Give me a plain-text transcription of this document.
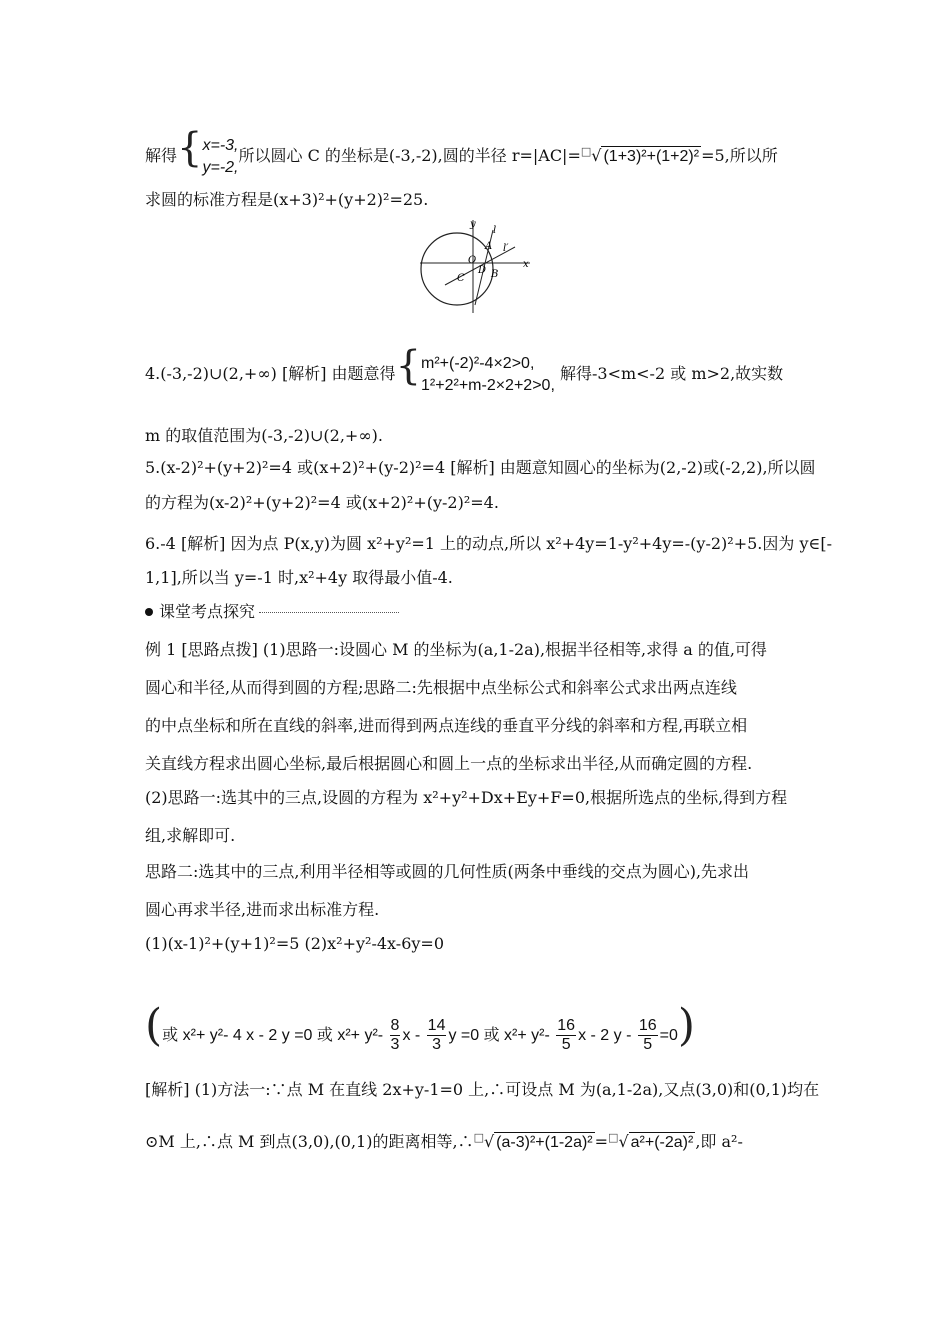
解得{ x=-3,
y=-2,
所以圆心 C 的坐标是(-3,-2),圆的半径 r=|AC|=□√ (1+3)²+(1+2)² =5,所以所
求圆的标准方程是(x+3)²+(y+2)²=25.
y
x
l
l′
A
O
D B
C
4.(-3,-2)∪(2,+∞) [解析] 由题意得{ m²+(-2)²-4×2>0,
1²+2²+m-2×2+2>0,
解得-3<m<-2 或 m>2,故实数
m 的取值范围为(-3,-2)∪(2,+∞).
5.(x-2)²+(y+2)²=4 或(x+2)²+(y-2)²=4 [解析] 由题意知圆心的坐标为(2,-2)或(-2,2),所以圆
的方程为(x-2)²+(y+2)²=4 或(x+2)²+(y-2)²=4.
6.-4 [解析] 因为点 P(x,y)为圆 x²+y²=1 上的动点,所以 x²+4y=1-y²+4y=-(y-2)²+5.因为 y∈[-
1,1],所以当 y=-1 时,x²+4y 取得最小值-4.
课堂考点探究
例 1 [思路点拨] (1)思路一:设圆心 M 的坐标为(a,1-2a),根据半径相等,求得 a 的值,可得
圆心和半径,从而得到圆的方程;思路二:先根据中点坐标公式和斜率公式求出两点连线
的中点坐标和所在直线的斜率,进而得到两点连线的垂直平分线的斜率和方程,再联立相
关直线方程求出圆心坐标,最后根据圆心和圆上一点的坐标求出半径,从而确定圆的方程.
(2)思路一:选其中的三点,设圆的方程为 x²+y²+Dx+Ey+F=0,根据所选点的坐标,得到方程
组,求解即可.
思路二:选其中的三点,利用半径相等或圆的几何性质(两条中垂线的交点为圆心),先求出
圆心再求半径,进而求出标准方程.
(1)(x-1)²+(y+1)²=5 (2)x²+y²-4x-6y=0
(或 x²+ y²- 4 x - 2 y =0 或 $x^2+ y^2- \frac{8}{3}$ x - $\frac{14}{3}$ y =0 或 $x^2+ y^2- \frac{16}{5}$ x - 2 $y - \frac{16}{5} =0$)
[解析] (1)方法一:∵点 M 在直线 2x+y-1=0 上,∴可设点 M 为(a,1-2a),又点(3,0)和(0,1)均在
⊙M 上,∴点 M 到点(3,0),(0,1)的距离相等,∴□√ (a-3)²+(1-2a)² =□√ a²+(-2a)² ,即 a²-
